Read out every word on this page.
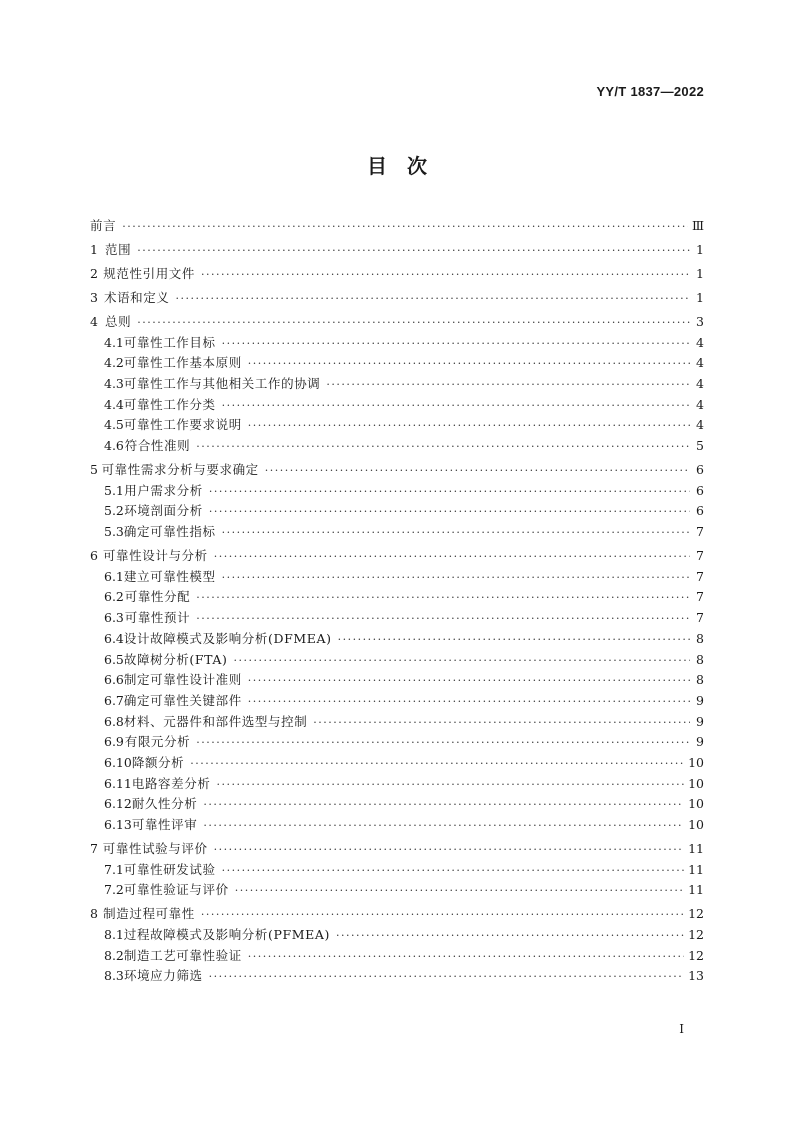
YY/T 1837—2022
目　次
前言 ·····	Ⅲ
1 范围 ·····	1
2 规范性引用文件 ·····	1
3 术语和定义 ·····	1
4 总则 ·····	3
4.1 可靠性工作目标 ·····	4
4.2 可靠性工作基本原则 ·····	4
4.3 可靠性工作与其他相关工作的协调 ·····	4
4.4 可靠性工作分类 ·····	4
4.5 可靠性工作要求说明 ·····	4
4.6 符合性准则 ·····	5
5 可靠性需求分析与要求确定 ·····	6
5.1 用户需求分析 ·····	6
5.2 环境剖面分析 ·····	6
5.3 确定可靠性指标 ·····	7
6 可靠性设计与分析 ·····	7
6.1 建立可靠性模型 ·····	7
6.2 可靠性分配 ·····	7
6.3 可靠性预计 ·····	7
6.4 设计故障模式及影响分析(DFMEA) ·····	8
6.5 故障树分析(FTA) ·····	8
6.6 制定可靠性设计准则 ·····	8
6.7 确定可靠性关键部件 ·····	9
6.8 材料、元器件和部件选型与控制 ·····	9
6.9 有限元分析 ·····	9
6.10 降额分析 ·····	10
6.11 电路容差分析 ·····	10
6.12 耐久性分析 ·····	10
6.13 可靠性评审 ·····	10
7 可靠性试验与评价 ·····	11
7.1 可靠性研发试验 ·····	11
7.2 可靠性验证与评价 ·····	11
8 制造过程可靠性 ·····	12
8.1 过程故障模式及影响分析(PFMEA) ·····	12
8.2 制造工艺可靠性验证 ·····	12
8.3 环境应力筛选 ·····	13
Ⅰ
